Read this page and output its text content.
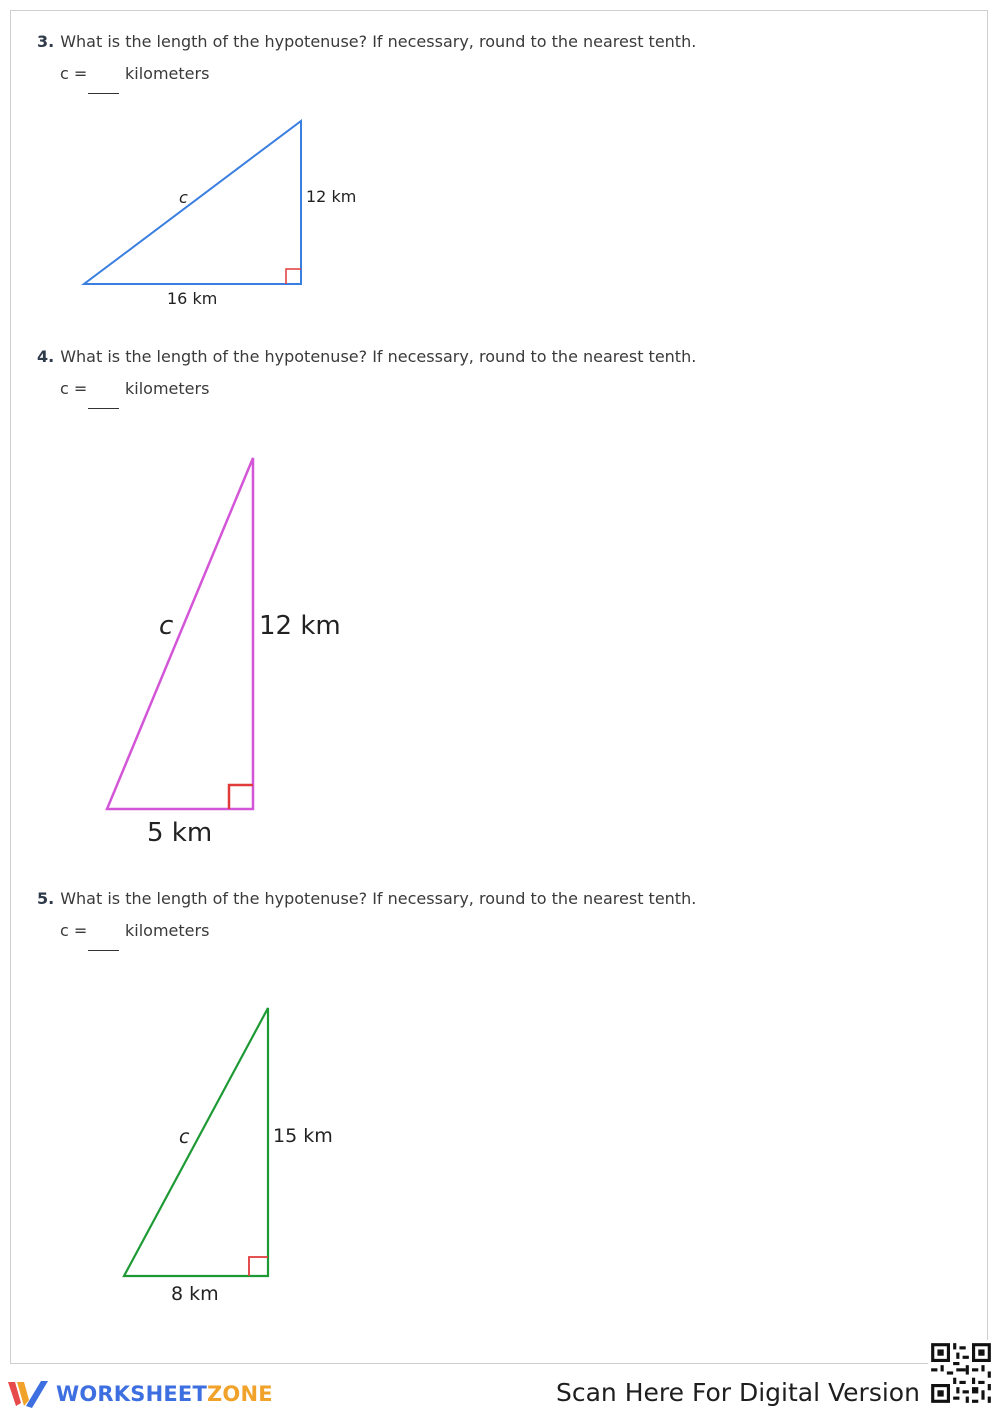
3. What is the length of the hypotenuse? If necessary, round to the nearest tenth.
c = kilometers
c	12 km
16 km
4. What is the length of the hypotenuse? If necessary, round to the nearest tenth.
c = kilometers
c	12 km
5 km
5. What is the length of the hypotenuse? If necessary, round to the nearest tenth.
c = kilometers
c	15 km
8 km
WORKSHEETZONE	Scan Here For Digital Version
